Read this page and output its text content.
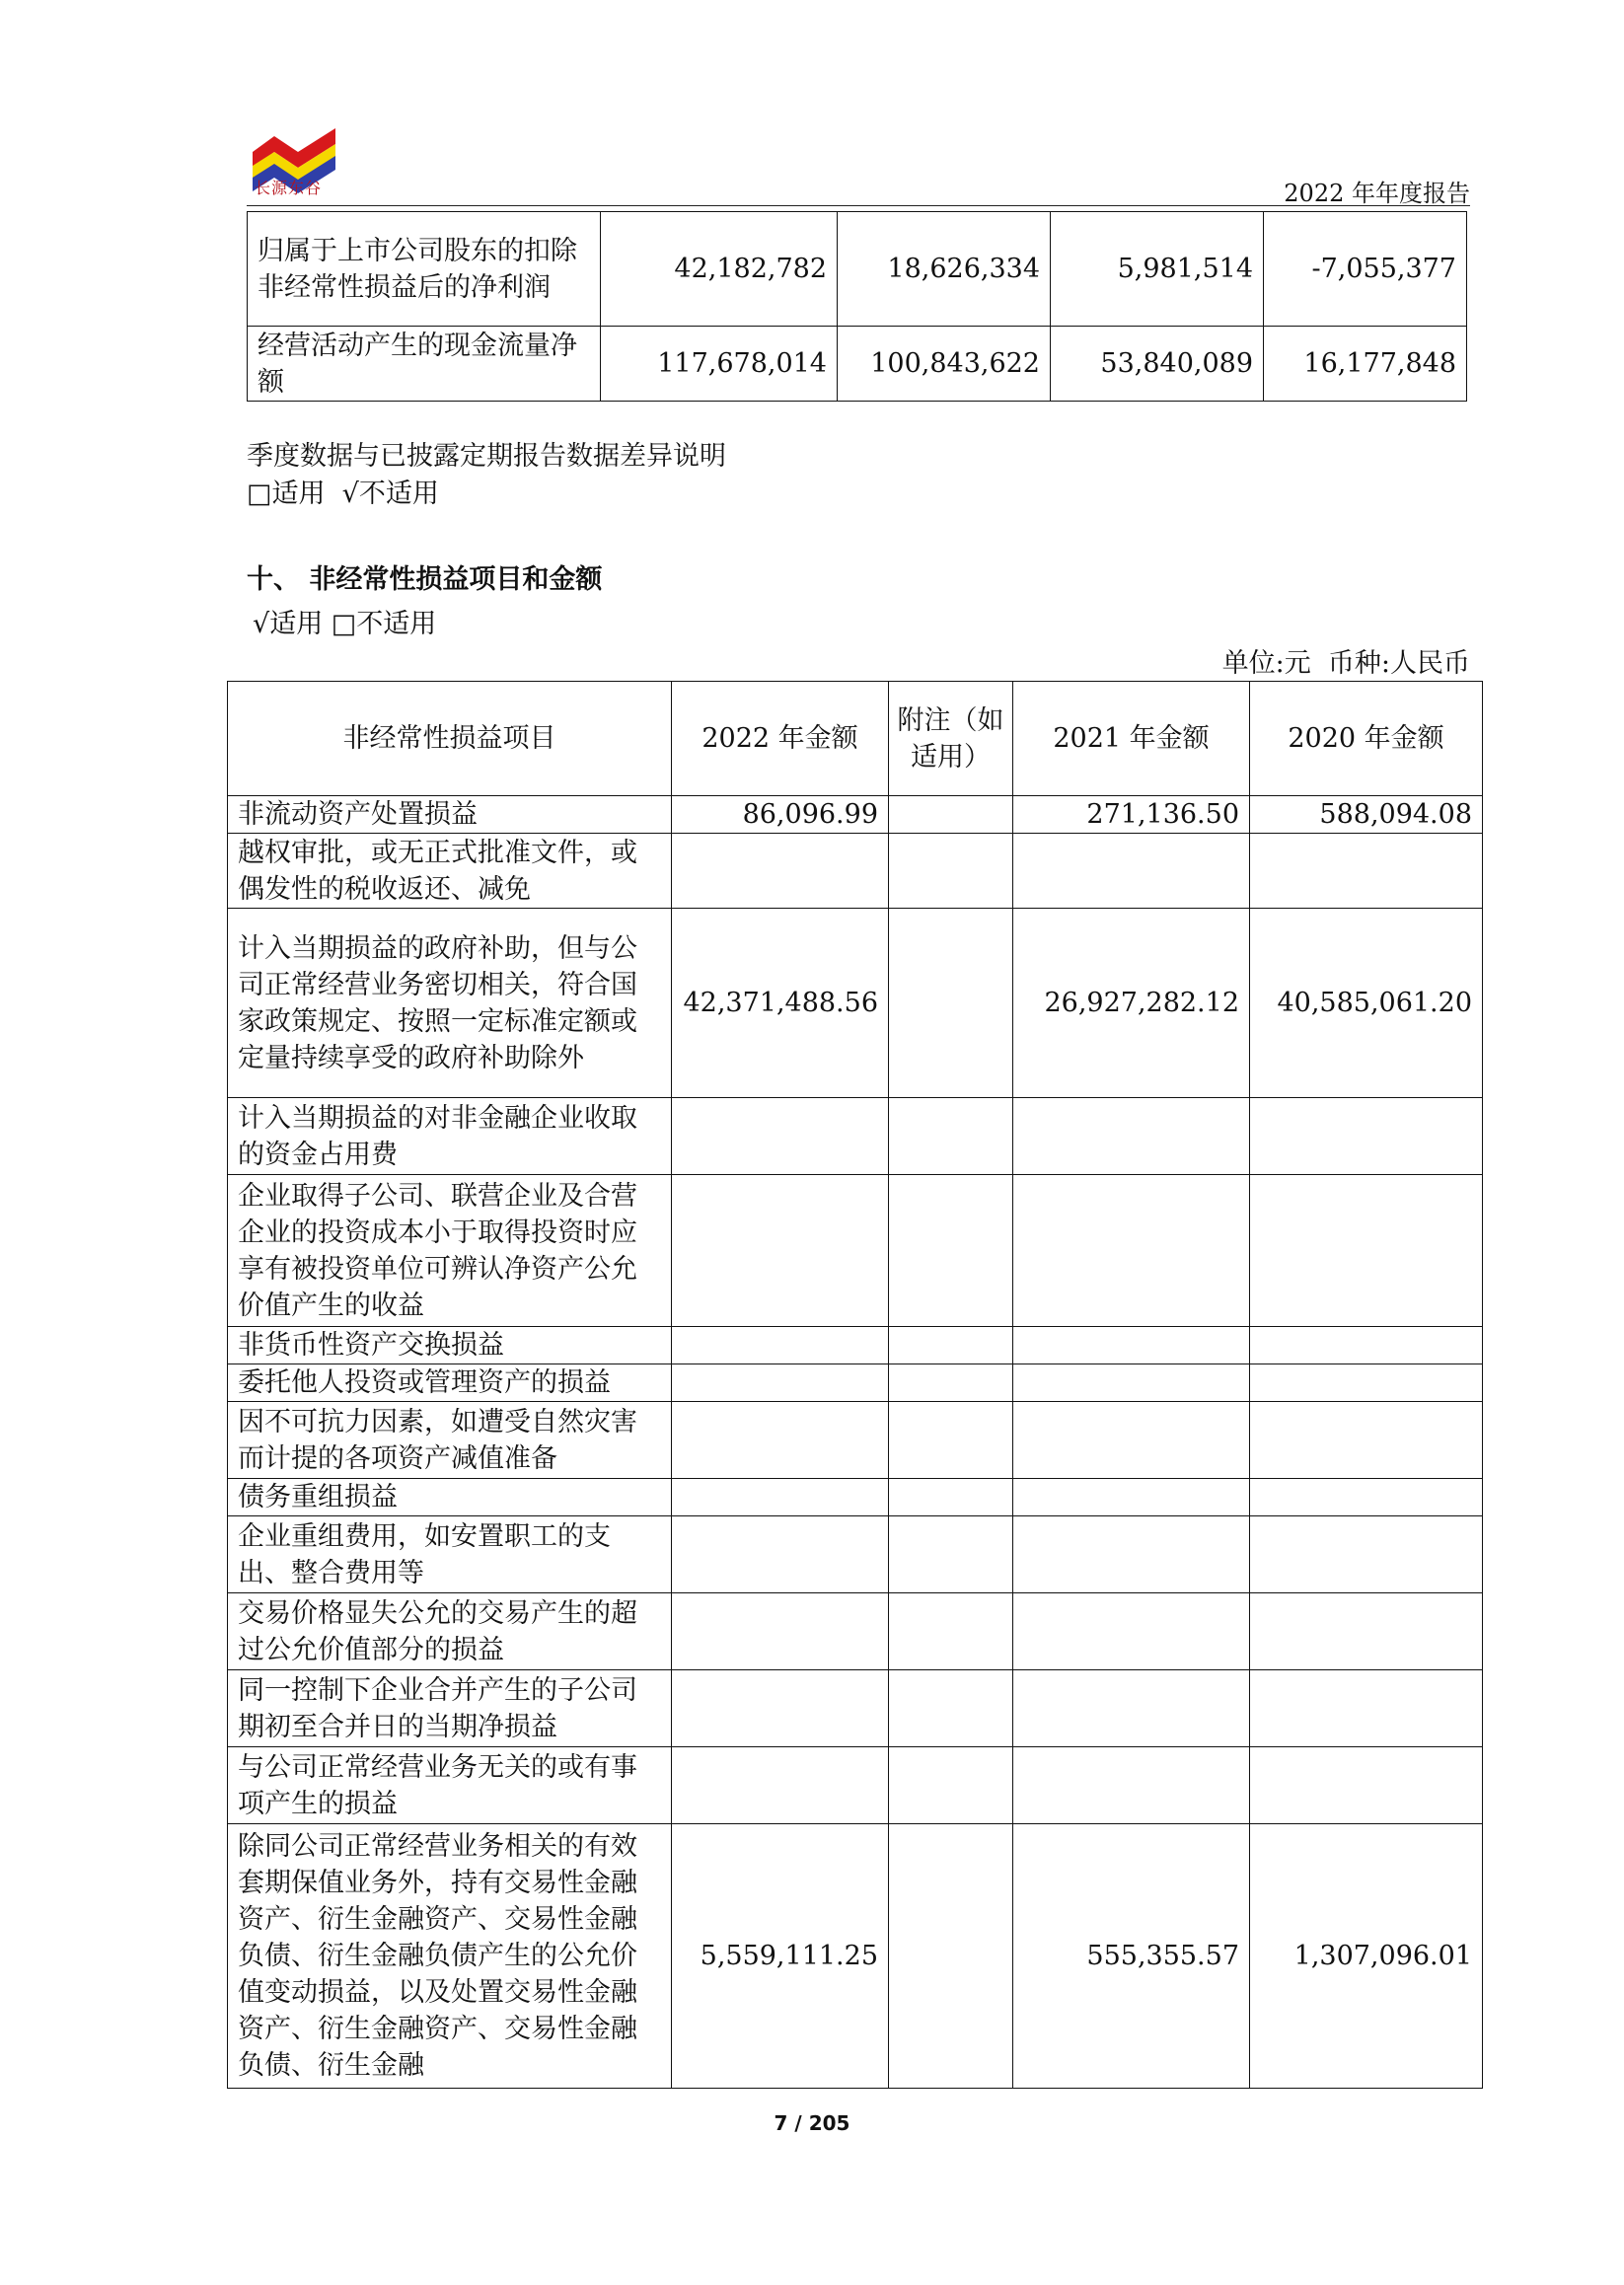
长源东谷	2022 年年度报告
归属于上市公司股东的扣除非经常性损益后的净利润	42,182,782	18,626,334	5,981,514	-7,055,377
经营活动产生的现金流量净额	117,678,014	100,843,622	53,840,089	16,177,848
季度数据与已披露定期报告数据差异说明
□适用  √不适用
十、 非经常性损益项目和金额
√适用 □不适用
单位:元  币种:人民币
非经常性损益项目	2022 年金额	附注（如适用）	2021 年金额	2020 年金额
非流动资产处置损益	86,096.99		271,136.50	588,094.08
越权审批，或无正式批准文件，或偶发性的税收返还、减免				
计入当期损益的政府补助，但与公司正常经营业务密切相关，符合国家政策规定、按照一定标准定额或定量持续享受的政府补助除外	42,371,488.56		26,927,282.12	40,585,061.20
计入当期损益的对非金融企业收取的资金占用费				
企业取得子公司、联营企业及合营企业的投资成本小于取得投资时应享有被投资单位可辨认净资产公允价值产生的收益				
非货币性资产交换损益				
委托他人投资或管理资产的损益				
因不可抗力因素，如遭受自然灾害而计提的各项资产减值准备				
债务重组损益				
企业重组费用，如安置职工的支出、整合费用等				
交易价格显失公允的交易产生的超过公允价值部分的损益				
同一控制下企业合并产生的子公司期初至合并日的当期净损益				
与公司正常经营业务无关的或有事项产生的损益				
除同公司正常经营业务相关的有效套期保值业务外，持有交易性金融资产、衍生金融资产、交易性金融负债、衍生金融负债产生的公允价值变动损益，以及处置交易性金融资产、衍生金融资产、交易性金融负债、衍生金融	5,559,111.25		555,355.57	1,307,096.01
7 / 205
